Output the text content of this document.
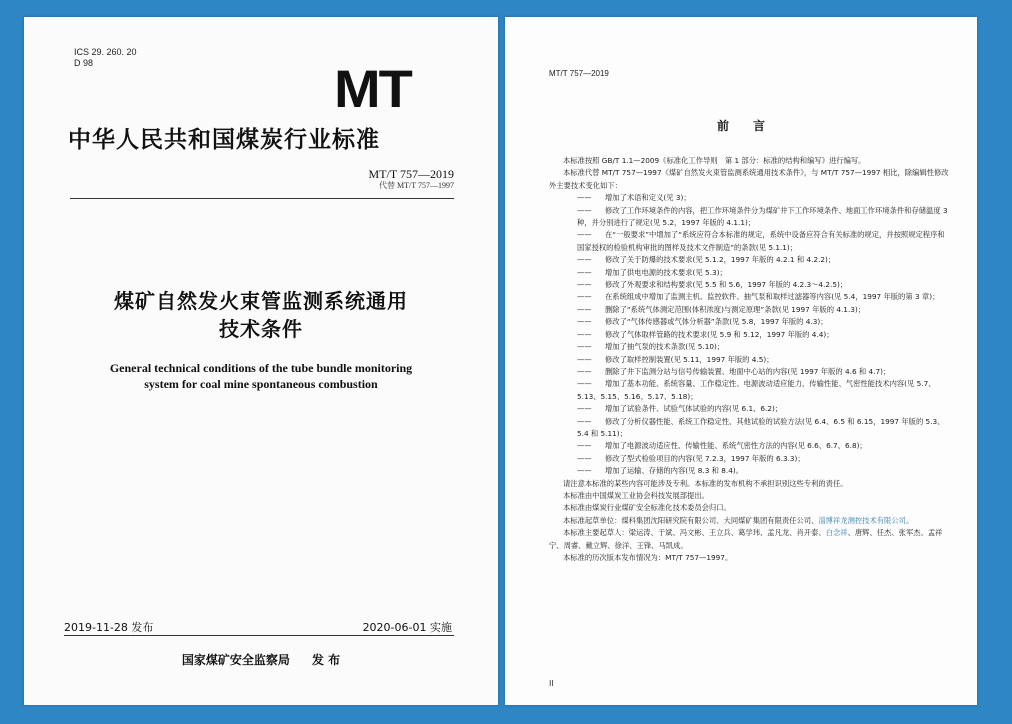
ICS 29. 260. 20
D 98	MT
中华人民共和国煤炭行业标准
MT/T 757—2019
代替 MT/T 757—1997
煤矿自然发火束管监测系统通用
技术条件
General technical conditions of the tube bundle monitoring
system for coal mine spontaneous combustion
2019-11-28 发布	2020-06-01 实施
国家煤矿安全监察局 发 布
MT/T 757—2019
前 言

本标准按照 GB/T 1.1—2009《标准化工作导则　第 1 部分：标准的结构和编写》进行编写。

本标准代替 MT/T 757—1997《煤矿自然发火束管监测系统通用技术条件》，与 MT/T 757—1997 相比，除编辑性修改外主要技术变化如下：

—— 增加了术语和定义(见 3)；

—— 修改了工作环境条件的内容，把工作环境条件分为煤矿井下工作环境条件、地面工作环境条件和存储温度 3 种，并分别进行了规定(见 5.2，1997 年版的 4.1.1)；

—— 在“一般要求”中增加了“系统应符合本标准的规定，系统中设备应符合有关标准的规定，并按照规定程序和国家授权的检验机构审批的图样及技术文件制造”的条款(见 5.1.1)；

—— 修改了关于防爆的技术要求(见 5.1.2，1997 年版的 4.2.1 和 4.2.2)；

—— 增加了供电电源的技术要求(见 5.3)；

—— 修改了外观要求和结构要求(见 5.5 和 5.6，1997 年版的 4.2.3～4.2.5)；

—— 在系统组成中增加了监测主机、监控软件、抽气泵和取样过滤器等内容(见 5.4，1997 年版的第 3 章)；

—— 删除了“系统气体测定范围(体积浓度)与测定原理”条款(见 1997 年版的 4.1.3)；

—— 修改了“气体传感器或气体分析器”条款(见 5.8，1997 年版的 4.3)；

—— 修改了气体取样管路的技术要求(见 5.9 和 5.12，1997 年版的 4.4)；

—— 增加了抽气泵的技术条款(见 5.10)；

—— 修改了取样控制装置(见 5.11，1997 年版的 4.5)；

—— 删除了井下监测分站与信号传输装置、地面中心站的内容(见 1997 年版的 4.6 和 4.7)；

—— 增加了基本功能、系统容量、工作稳定性、电源波动适应能力、传输性能、气密性能技术内容(见 5.7、5.13、5.15、5.16、5.17、5.18)；

—— 增加了试验条件、试验气体试验的内容(见 6.1、6.2)；

—— 修改了分析仪器性能、系统工作稳定性、其他试验的试验方法(见 6.4、6.5 和 6.15，1997 年版的 5.3、5.4 和 5.11)；

—— 增加了电源波动适应性、传输性能、系统气密性方法的内容(见 6.6、6.7、6.8)；

—— 修改了型式检验项目的内容(见 7.2.3，1997 年版的 6.3.3)；

—— 增加了运输、存储的内容(见 8.3 和 8.4)。

请注意本标准的某些内容可能涉及专利。本标准的发布机构不承担识别这些专利的责任。

本标准由中国煤炭工业协会科技发展部提出。

本标准由煤炭行业煤矿安全标准化技术委员会归口。

本标准起草单位：煤科集团沈阳研究院有限公司、大同煤矿集团有限责任公司、淄博祥龙测控技术有限公司。

本标准主要起草人：梁运涛、于斌、冯文彬、王立兵、葛学玮、孟凡龙、肖开泰、白念祥、唐辉、任杰、张军杰、孟祥宁、周睿、戴立辉、徐洋、王锋、马凯成。

本标准的历次版本发布情况为：MT/T 757—1997。

II
